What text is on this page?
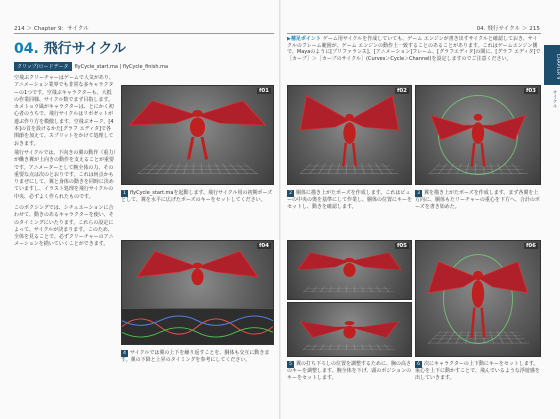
214 ＞ Chapter 9：サイクル	04. 飛行サイクル ＞ 215
CHAPTER 9
サイクル
04. 飛行サイクル
クリップ/ロードデータ	flyCycle_start.ma | flyCycle_finish.ma
空飛ぶクリーチャーはゲームで人気があり、アニメーション業界でも非常な多キャラクターの1つです。空飛ぶキャラクターも、大抵の作業同様、サイクル数でまず目指します。カメトョウ風がキャラクターは、とにかく初心者のうちで、飛行サイクルはリポゼットが連ぶ作り方を模倣します。空飛ぶオーク、[4本]の首を設けるかた[グラフ エディタ]で各関節を加えて、スプリットをかけて処理しておきます。
飛行サイクルでは、下向きの翼の動作（重力）が働き翼が上向きの動作を支えることが重要です。アニメーターとして腕全体の力、その重要な点は次のとおりです。これは何点かもりまぜにして、翼と身体の動きを同時に決めていますし、イラスト処理を飛行サイクルの中央、必ずよく作られたものです。
このボクシングでは、シチュエーションに合わせて、動きのあるキャラクターを使い、そのタイミングにいたります。これらの設定によって、サイクルが決まります。このため、全体を見ることで、必ずクリーチャーのアニメーションを描いていくことができます。
▶︎補足ポイント ゲーム用サイクルを作成していても、ゲーム エンジンが書き出すサイクルと確認しておき、サイクルのフレーム範囲が、ゲーム エンジンの動作上一致することのあることがあります。これはゲームエンジン側で、Mayaのように[プリファランス]、[アニメーション]フレーム、[グラフエディタ]の間に、[グラフ エディタ]で［カーブ］＞［カーブのサイクル］(Curves＞Cycle＞Channel)を設定しますのでご注意ください。
f01	f02	f03
1 flyCycle_start.maを起動します。飛行サイクル用の初期ポーズとして、翼を水平に広げたポーズのキーをセットしてください。
2 胴体に描き上がたポーズを作成します。これはビューの中央の奥を基準にして作業し、胴体の位置にキーをセットし、動きを確認します。
3 翼を描き上がたポーズを作成します。まず各翼を上方向に、胴体もたリーチャーの重心を下方へ、合計のポーズを書き始めた。
f04	f05	f06
4 サイクルでは翼の上下を繰り返すことを、胴体も交互に動きます。翼の下降と上昇のタイミングを参考にしてください。
5 翼の打ち下ろしの位置を調整するために、胸の高さのキーを調整します。腕全体を下げ、頭のポジションのキーをセットします。
6 次にキャラクターの上下動にキーをセットします。重心を上下に動かすことで、飛んでいるような浮遊感を出していきます。
